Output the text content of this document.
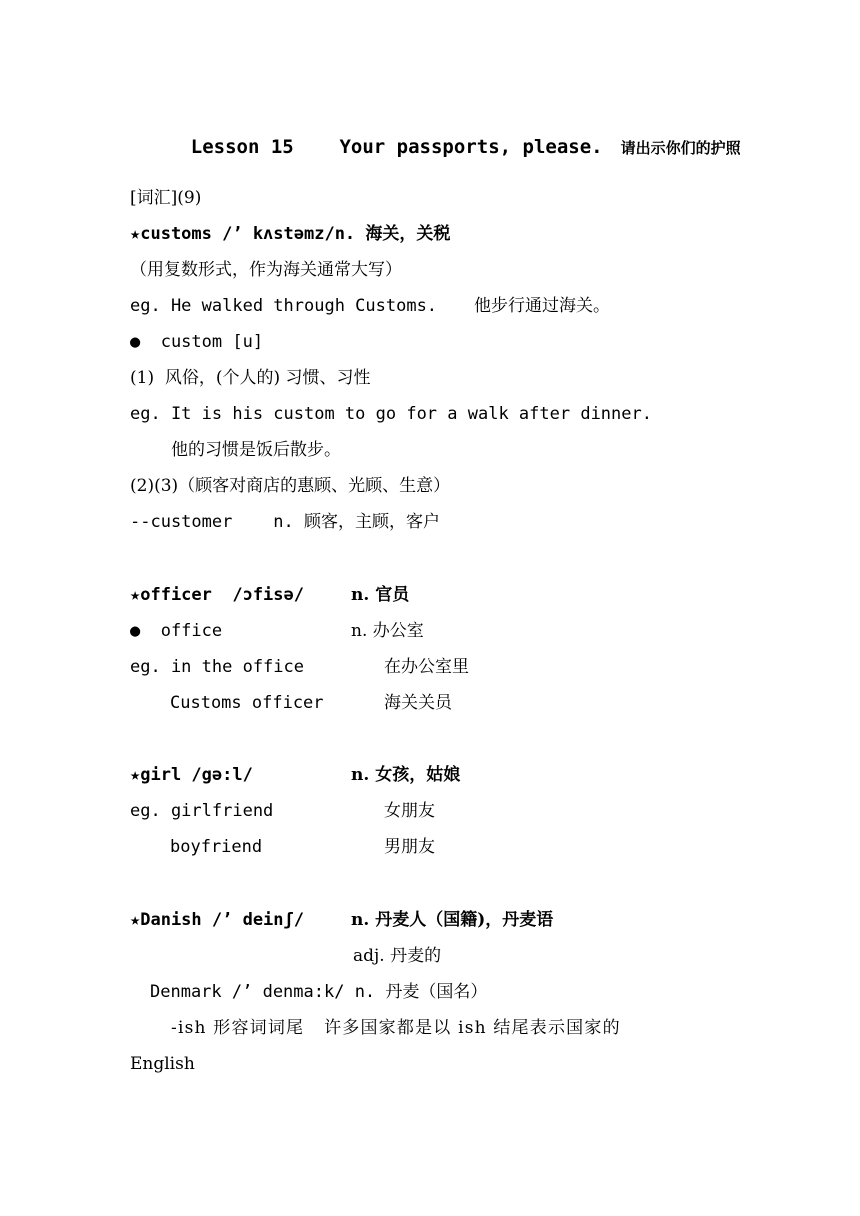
Lesson 15 Your passports, please. 请出示你们的护照

[词汇](9)
★customs /’ kʌstəmz/n. 海关，关税
（用复数形式，作为海关通常大写）
eg. He walked through Customs. 他步行通过海关。
●  custom [u]
(1)  风俗，(个人的) 习惯、习性
eg. It is his custom to go for a walk after dinner.
他的习惯是饭后散步。
(2)(3)（顾客对商店的惠顾、光顾、生意）
--customer    n. 顾客，主顾，客户
★officer  /ɔfisə/	n. 官员
●  office	n. 办公室
eg. in the office	在办公室里
Customs officer	海关关员
★girl /gə:l/	n. 女孩，姑娘
eg. girlfriend	女朋友
boyfriend	男朋友
★Danish /’ deinʃ/	n. 丹麦人（国籍)，丹麦语
adj. 丹麦的
Denmark /’ denma:k/ n. 丹麦（国名）
-ish 形容词词尾   许多国家都是以 ish 结尾表示国家的
English
